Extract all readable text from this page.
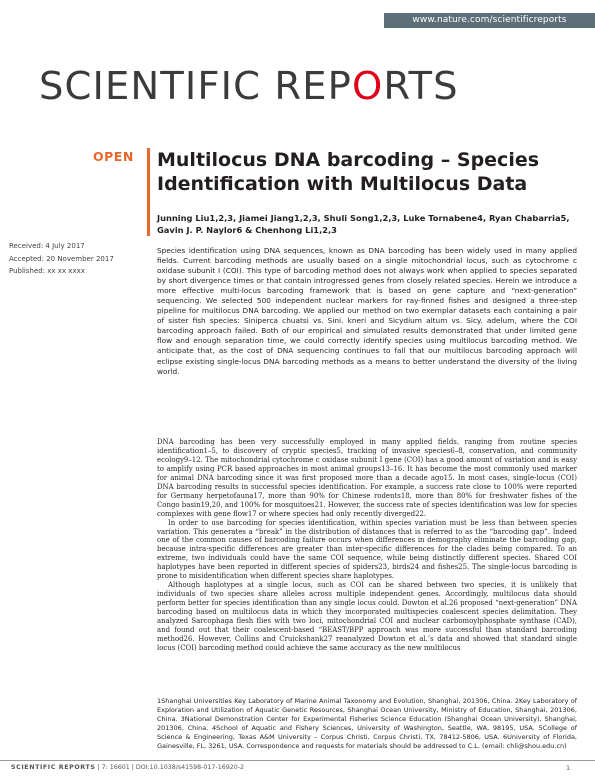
www.nature.com/scientificreports
SCIENTIFIC REPORTS
OPEN Multilocus DNA barcoding – Species Identification with Multilocus Data
Junning Liu1,2,3, Jiamei Jiang1,2,3, Shuli Song1,2,3, Luke Tornabene4, Ryan Chabarria5, Gavin J. P. Naylor6 & Chenhong Li1,2,3
Received: 4 July 2017
Accepted: 20 November 2017
Published: xx xx xxxx

Species identification using DNA sequences, known as DNA barcoding has been widely used in many applied fields. Current barcoding methods are usually based on a single mitochondrial locus, such as cytochrome c oxidase subunit I (COI). This type of barcoding method does not always work when applied to species separated by short divergence times or that contain introgressed genes from closely related species. Herein we introduce a more effective multi-locus barcoding framework that is based on gene capture and “next-generation” sequencing. We selected 500 independent nuclear markers for ray-finned fishes and designed a three-step pipeline for multilocus DNA barcoding. We applied our method on two exemplar datasets each containing a pair of sister fish species: Siniperca chuatsi vs. Sini. kneri and Sicydium altum vs. Sicy. adelum, where the COI barcoding approach failed. Both of our empirical and simulated results demonstrated that under limited gene flow and enough separation time, we could correctly identify species using multilocus barcoding method. We anticipate that, as the cost of DNA sequencing continues to fall that our multilocus barcoding approach will eclipse existing single-locus DNA barcoding methods as a means to better understand the diversity of the living world.

DNA barcoding has been very successfully employed in many applied fields, ranging from routine species identification1–5, to discovery of cryptic species5, tracking of invasive species6–8, conservation, and community ecology9–12. The mitochondrial cytochrome c oxidase subunit I gene (COI) has a good amount of variation and is easy to amplify using PCR based approaches in most animal groups13–16. It has become the most commonly used marker for animal DNA barcoding since it was first proposed more than a decade ago15. In most cases, single-locus (COI) DNA barcoding results in successful species identification. For example, a success rate close to 100% were reported for Germany herpetofauna17, more than 90% for Chinese rodents18, more than 80% for freshwater fishes of the Congo basin19,20, and 100% for mosquitoes21. However, the success rate of species identification was low for species complexes with gene flow17 or where species had only recently diverged22.

In order to use barcoding for species identification, within species variation must be less than between species variation. This generates a “break” in the distribution of distances that is referred to as the “barcoding gap”. Indeed one of the common causes of barcoding failure occurs when differences in demography eliminate the barcoding gap, because intra-specific differences are greater than inter-specific differences for the clades being compared. To an extreme, two individuals could have the same COI sequence, while being distinctly different species. Shared COI haplotypes have been reported in different species of spiders23, birds24 and fishes25. The single-locus barcoding is prone to misidentification when different species share haplotypes.

Although haplotypes at a single locus, such as COI can be shared between two species, it is unlikely that individuals of two species share alleles across multiple independent genes. Accordingly, multilocus data should perform better for species identification than any single locus could. Dowton et al.26 proposed “next-generation” DNA barcoding based on multilocus data in which they incorporated multispecies coalescent species delimitation. They analyzed Sarcophaga flesh flies with two loci, mitochondrial COI and nuclear carbomoylphosphate synthase (CAD), and found out that their coalescent-based “BEAST/BPP approach was more successful than standard barcoding method26. However, Collins and Cruickshank27 reanalyzed Dowton et al.’s data and showed that standard single locus (COI) barcoding method could achieve the same accuracy as the new multilocus

1Shanghai Universities Key Laboratory of Marine Animal Taxonomy and Evolution, Shanghai, 201306, China. 2Key Laboratory of Exploration and Utilization of Aquatic Genetic Resources, Shanghai Ocean University, Ministry of Education, Shanghai, 201306, China. 3National Demonstration Center for Experimental Fisheries Science Education (Shanghai Ocean University), Shanghai, 201306, China. 4School of Aquatic and Fishery Sciences, University of Washington, Seattle, WA, 98195, USA. 5College of Science & Engineering, Texas A&M University – Corpus Christi, Corpus Christi, TX, 78412-5806, USA. 6University of Florida, Gainesville, FL, 3261, USA. Correspondence and requests for materials should be addressed to C.L. (email: chli@shou.edu.cn)

SCIENTIFIC REPORTS | 7: 16601 | DOI:10.1038/s41598-017-16920-2	1
